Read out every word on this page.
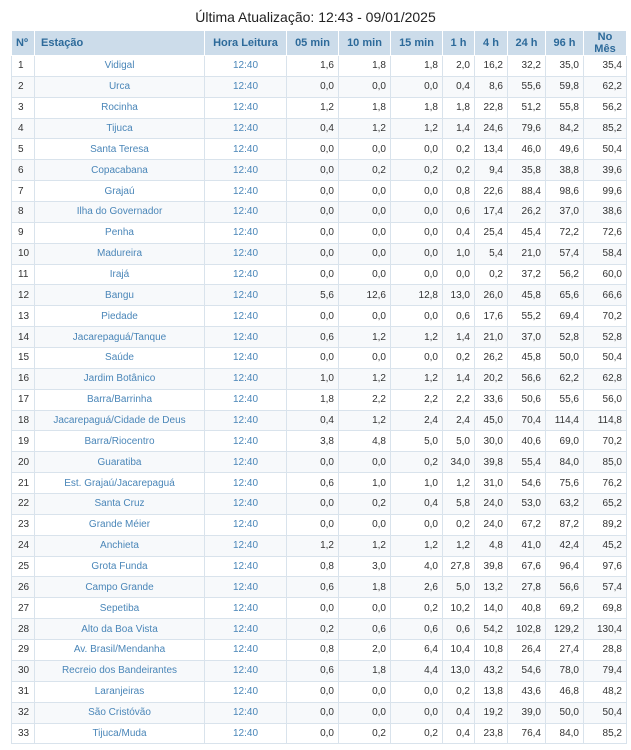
Última Atualização: 12:43 - 09/01/2025
Nº	Estação	Hora Leitura	05 min	10 min	15 min	1 h	4 h	24 h	96 h	No Mês
1	Vidigal	12:40	1,6	1,8	1,8	2,0	16,2	32,2	35,0	35,4
2	Urca	12:40	0,0	0,0	0,0	0,4	8,6	55,6	59,8	62,2
3	Rocinha	12:40	1,2	1,8	1,8	1,8	22,8	51,2	55,8	56,2
4	Tijuca	12:40	0,4	1,2	1,2	1,4	24,6	79,6	84,2	85,2
5	Santa Teresa	12:40	0,0	0,0	0,0	0,2	13,4	46,0	49,6	50,4
6	Copacabana	12:40	0,0	0,2	0,2	0,2	9,4	35,8	38,8	39,6
7	Grajaú	12:40	0,0	0,0	0,0	0,8	22,6	88,4	98,6	99,6
8	Ilha do Governador	12:40	0,0	0,0	0,0	0,6	17,4	26,2	37,0	38,6
9	Penha	12:40	0,0	0,0	0,0	0,4	25,4	45,4	72,2	72,6
10	Madureira	12:40	0,0	0,0	0,0	1,0	5,4	21,0	57,4	58,4
11	Irajá	12:40	0,0	0,0	0,0	0,0	0,2	37,2	56,2	60,0
12	Bangu	12:40	5,6	12,6	12,8	13,0	26,0	45,8	65,6	66,6
13	Piedade	12:40	0,0	0,0	0,0	0,6	17,6	55,2	69,4	70,2
14	Jacarepaguá/Tanque	12:40	0,6	1,2	1,2	1,4	21,0	37,0	52,8	52,8
15	Saúde	12:40	0,0	0,0	0,0	0,2	26,2	45,8	50,0	50,4
16	Jardim Botânico	12:40	1,0	1,2	1,2	1,4	20,2	56,6	62,2	62,8
17	Barra/Barrinha	12:40	1,8	2,2	2,2	2,2	33,6	50,6	55,6	56,0
18	Jacarepaguá/Cidade de Deus	12:40	0,4	1,2	2,4	2,4	45,0	70,4	114,4	114,8
19	Barra/Riocentro	12:40	3,8	4,8	5,0	5,0	30,0	40,6	69,0	70,2
20	Guaratiba	12:40	0,0	0,0	0,2	34,0	39,8	55,4	84,0	85,0
21	Est. Grajaú/Jacarepaguá	12:40	0,6	1,0	1,0	1,2	31,0	54,6	75,6	76,2
22	Santa Cruz	12:40	0,0	0,2	0,4	5,8	24,0	53,0	63,2	65,2
23	Grande Méier	12:40	0,0	0,0	0,0	0,2	24,0	67,2	87,2	89,2
24	Anchieta	12:40	1,2	1,2	1,2	1,2	4,8	41,0	42,4	45,2
25	Grota Funda	12:40	0,8	3,0	4,0	27,8	39,8	67,6	96,4	97,6
26	Campo Grande	12:40	0,6	1,8	2,6	5,0	13,2	27,8	56,6	57,4
27	Sepetiba	12:40	0,0	0,0	0,2	10,2	14,0	40,8	69,2	69,8
28	Alto da Boa Vista	12:40	0,2	0,6	0,6	0,6	54,2	102,8	129,2	130,4
29	Av. Brasil/Mendanha	12:40	0,8	2,0	6,4	10,4	10,8	26,4	27,4	28,8
30	Recreio dos Bandeirantes	12:40	0,6	1,8	4,4	13,0	43,2	54,6	78,0	79,4
31	Laranjeiras	12:40	0,0	0,0	0,0	0,2	13,8	43,6	46,8	48,2
32	São Cristóvão	12:40	0,0	0,0	0,0	0,4	19,2	39,0	50,0	50,4
33	Tijuca/Muda	12:40	0,0	0,2	0,2	0,4	23,8	76,4	84,0	85,2
